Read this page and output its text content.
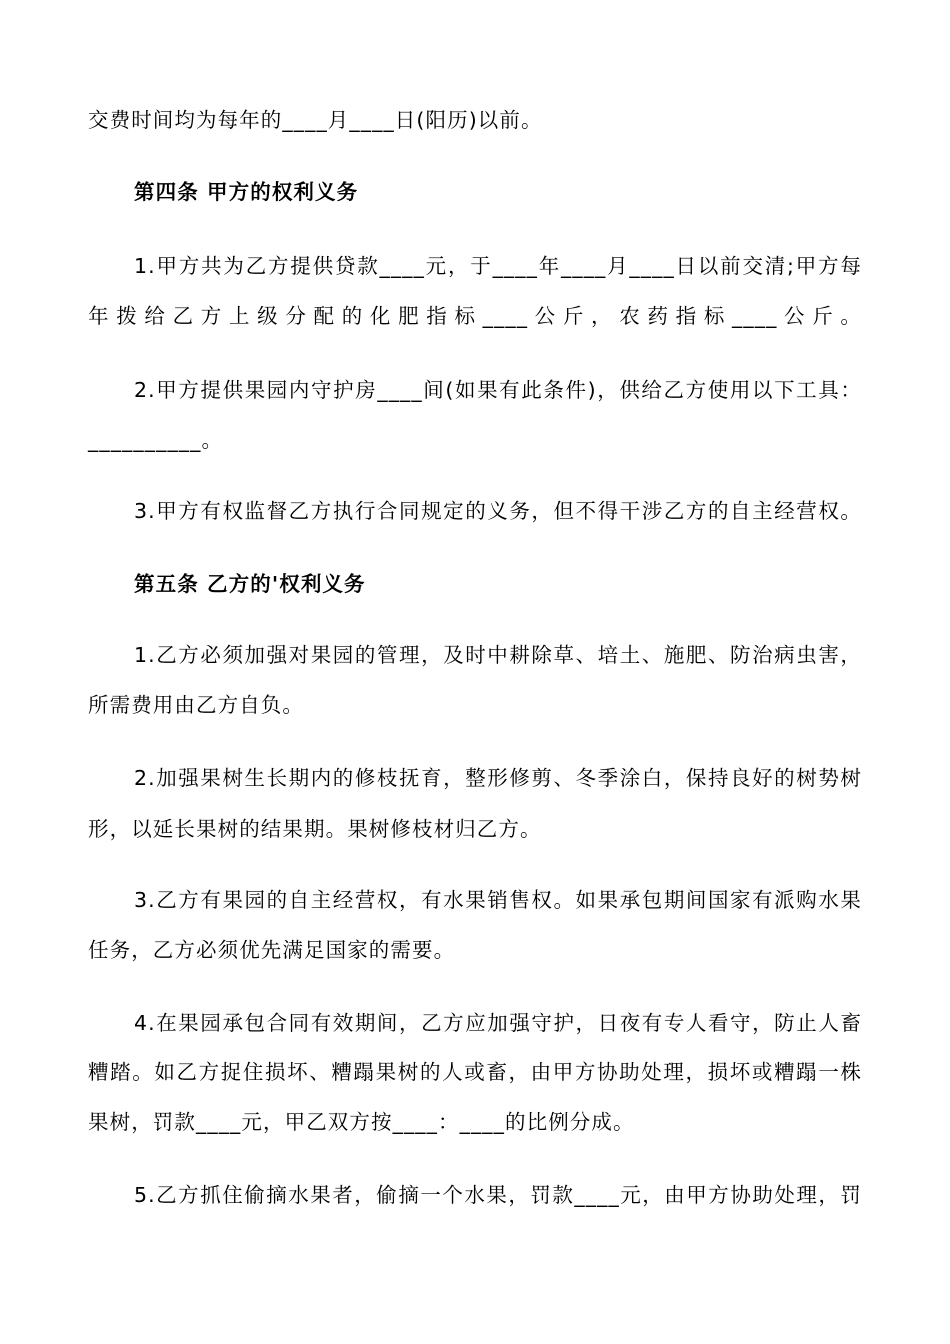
交费时间均为每年的____月____日(阳历)以前。
第四条 甲方的权利义务
1.甲方共为乙方提供贷款____元，于____年____月____日以前交清;甲方每
年拨给乙方上级分配的化肥指标____公斤，农药指标____公斤。
2.甲方提供果园内守护房____间(如果有此条件)，供给乙方使用以下工具：
__________。
3.甲方有权监督乙方执行合同规定的义务，但不得干涉乙方的自主经营权。
第五条 乙方的'权利义务
1.乙方必须加强对果园的管理，及时中耕除草、培土、施肥、防治病虫害，
所需费用由乙方自负。
2.加强果树生长期内的修枝抚育，整形修剪、冬季涂白，保持良好的树势树
形，以延长果树的结果期。果树修枝材归乙方。
3.乙方有果园的自主经营权，有水果销售权。如果承包期间国家有派购水果
任务，乙方必须优先满足国家的需要。
4.在果园承包合同有效期间，乙方应加强守护，日夜有专人看守，防止人畜
糟踏。如乙方捉住损坏、糟蹋果树的人或畜，由甲方协助处理，损坏或糟蹋一株
果树，罚款____元，甲乙双方按____：____的比例分成。
5.乙方抓住偷摘水果者，偷摘一个水果，罚款____元，由甲方协助处理，罚
